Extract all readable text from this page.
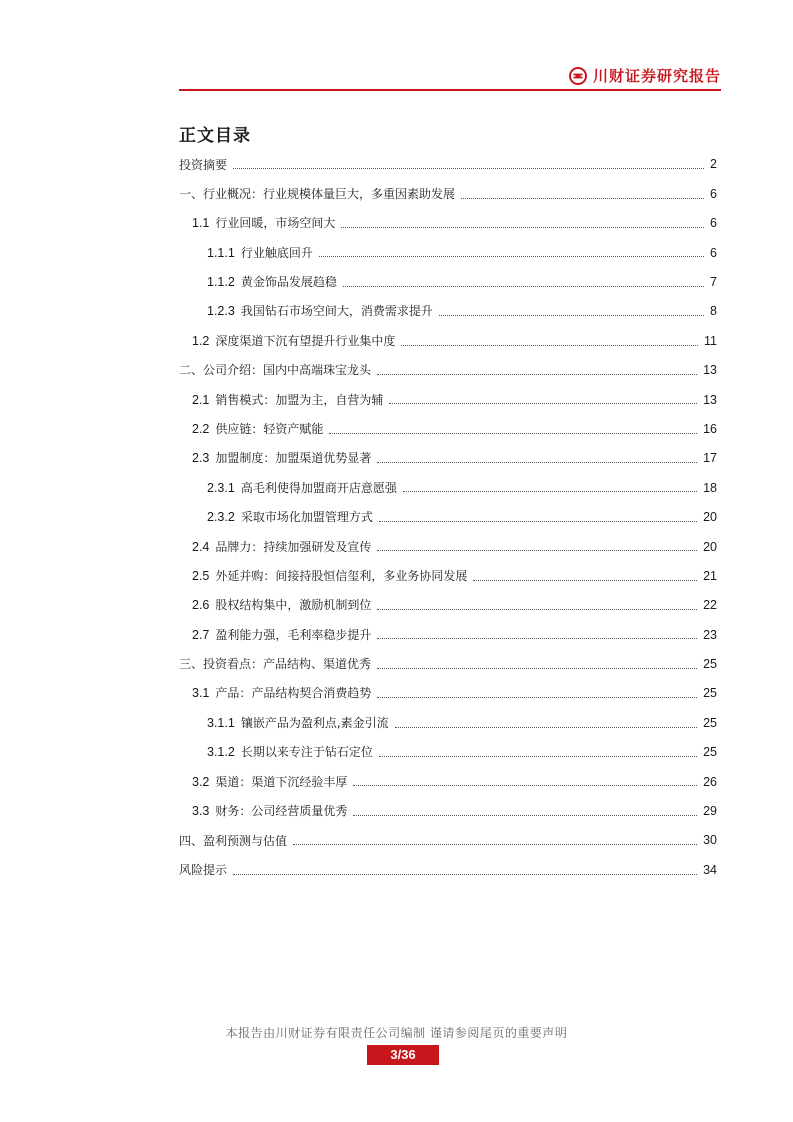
川财证券研究报告
正文目录
投资摘要	2
一、行业概况：行业规模体量巨大，多重因素助发展	6
1.1 行业回暖，市场空间大	6
1.1.1 行业触底回升	6
1.1.2 黄金饰品发展趋稳	7
1.2.3 我国钻石市场空间大，消费需求提升	8
1.2 深度渠道下沉有望提升行业集中度	11
二、公司介绍：国内中高端珠宝龙头	13
2.1 销售模式：加盟为主，自营为辅	13
2.2 供应链：轻资产赋能	16
2.3 加盟制度：加盟渠道优势显著	17
2.3.1 高毛利使得加盟商开店意愿强	18
2.3.2 采取市场化加盟管理方式	20
2.4 品牌力：持续加强研发及宣传	20
2.5 外延并购：间接持股恒信玺利，多业务协同发展	21
2.6 股权结构集中，激励机制到位	22
2.7 盈利能力强，毛利率稳步提升	23
三、投资看点：产品结构、渠道优秀	25
3.1 产品：产品结构契合消费趋势	25
3.1.1 镶嵌产品为盈利点,素金引流	25
3.1.2 长期以来专注于钻石定位	25
3.2 渠道：渠道下沉经验丰厚	26
3.3 财务：公司经营质量优秀	29
四、盈利预测与估值	30
风险提示	34
本报告由川财证券有限责任公司编制 谨请参阅尾页的重要声明
3/36
